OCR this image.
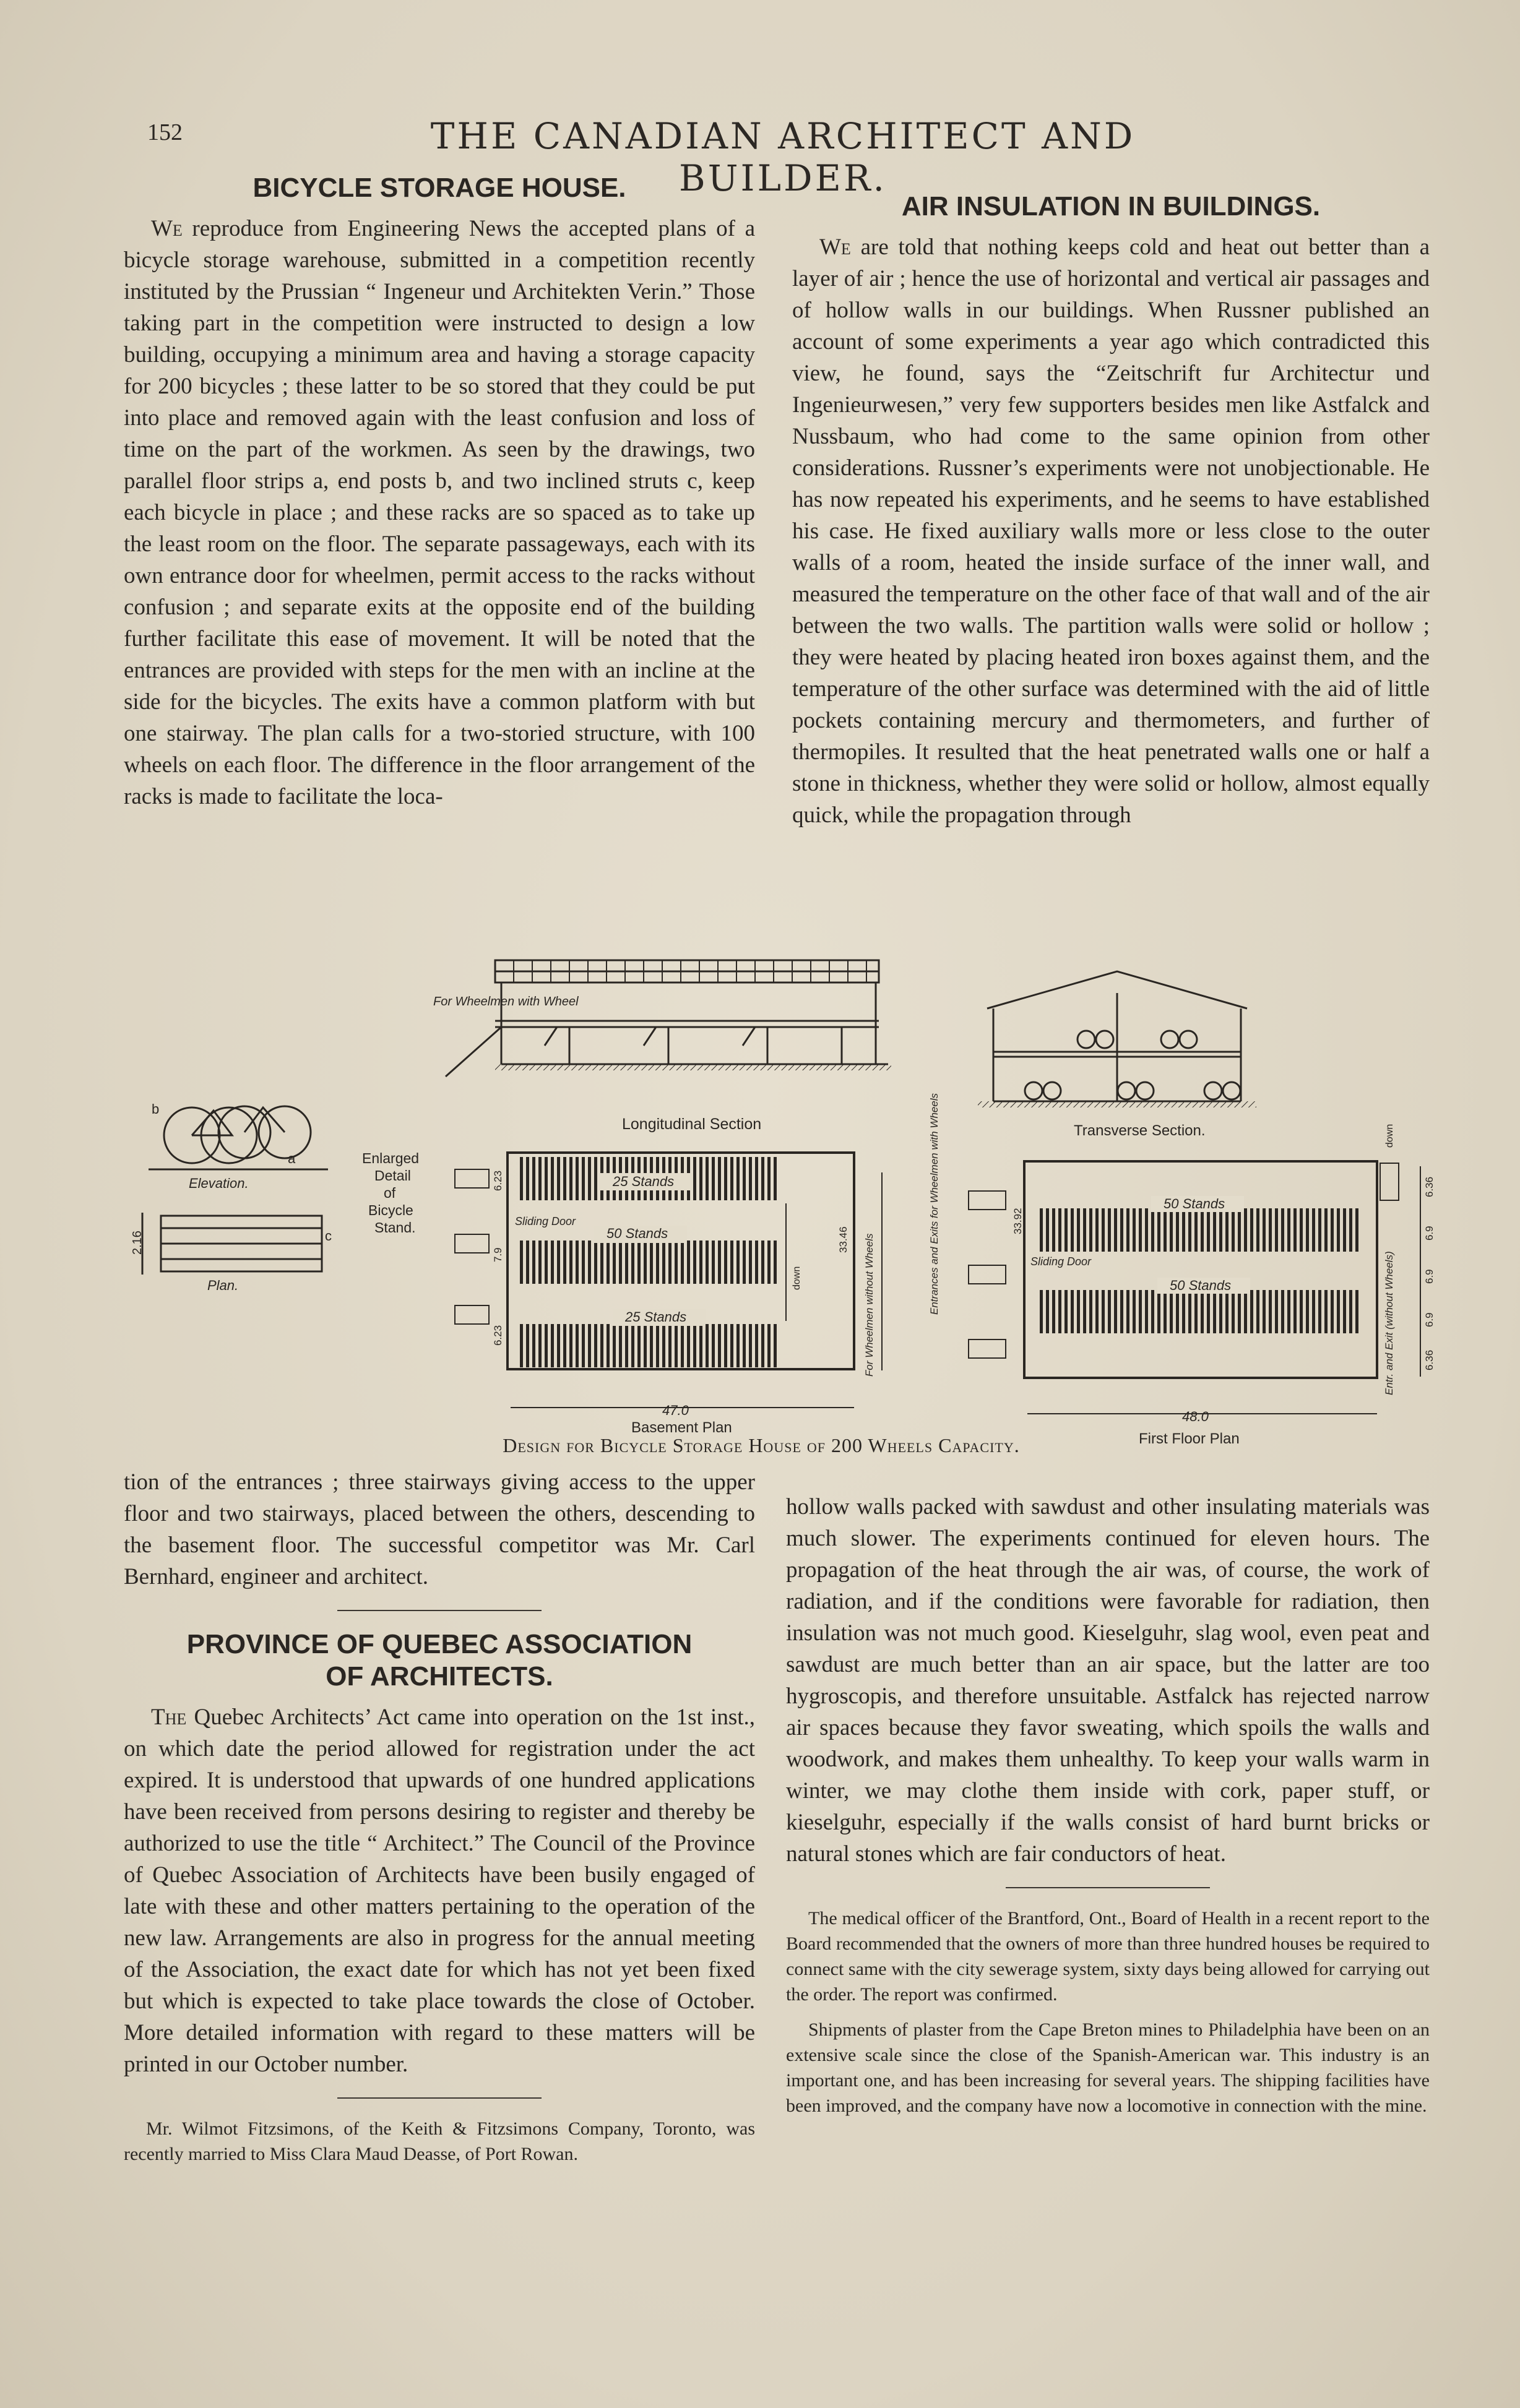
152	THE CANADIAN ARCHITECT AND BUILDER.
BICYCLE STORAGE HOUSE.

We reproduce from Engineering News the accepted plans of a bicycle storage warehouse, submitted in a competition recently instituted by the Prussian “ Ingeneur und Architekten Verin.” Those taking part in the competition were instructed to design a low building, occupying a minimum area and having a storage capacity for 200 bicycles ; these latter to be so stored that they could be put into place and removed again with the least confusion and loss of time on the part of the workmen. As seen by the drawings, two parallel floor strips a, end posts b, and two inclined struts c, keep each bicycle in place ; and these racks are so spaced as to take up the least room on the floor. The separate passageways, each with its own entrance door for wheelmen, permit access to the racks without confusion ; and separate exits at the opposite end of the building further facilitate this ease of movement. It will be noted that the entrances are provided with steps for the men with an incline at the side for the bicycles. The exits have a common platform with but one stairway. The plan calls for a two-storied structure, with 100 wheels on each floor. The difference in the floor arrangement of the racks is made to facilitate the loca-

AIR INSULATION IN BUILDINGS.

We are told that nothing keeps cold and heat out better than a layer of air ; hence the use of horizontal and vertical air passages and of hollow walls in our buildings. When Russner published an account of some experiments a year ago which contradicted this view, he found, says the “Zeitschrift fur Architectur und Ingenieurwesen,” very few supporters besides men like Astfalck and Nussbaum, who had come to the same opinion from other considerations. Russner’s experiments were not unobjectionable. He has now repeated his experiments, and he seems to have established his case. He fixed auxiliary walls more or less close to the outer walls of a room, heated the inside surface of the inner wall, and measured the temperature on the other face of that wall and of the air between the two walls. The partition walls were solid or hollow ; they were heated by placing heated iron boxes against them, and the temperature of the other surface was determined with the aid of little pockets containing mercury and thermometers, and further of thermopiles. It resulted that the heat penetrated walls one or half a stone in thickness, whether they were solid or hollow, almost equally quick, while the propagation through

For Wheelmen with Wheel
Longitudinal Section	Transverse Section.
Elevation.
Plan.
b
a
c
2.16
Enlarged
Detail
of
Bicycle
Stand.
25 Stands
50 Stands
25 Stands
Sliding Door
For Wheelmen without Wheels
33.46
down
6.23
7.9
6.23
47.0
Basement Plan
Entrances and Exits for Wheelmen with Wheels	50 Stands
50 Stands
Sliding Door
33.92
Entr. and Exit (without Wheels)
down
6.36
6.9
6.9
6.9
6.36
48.0
First Floor Plan
Design for Bicycle Storage House of 200 Wheels Capacity.

tion of the entrances ; three stairways giving access to the upper floor and two stairways, placed between the others, descending to the basement floor. The successful competitor was Mr. Carl Bernhard, engineer and architect.

PROVINCE OF QUEBEC ASSOCIATION
OF ARCHITECTS.

The Quebec Architects’ Act came into operation on the 1st inst., on which date the period allowed for registration under the act expired. It is understood that upwards of one hundred applications have been received from persons desiring to register and thereby be authorized to use the title “ Architect.” The Council of the Province of Quebec Association of Architects have been busily engaged of late with these and other matters pertaining to the operation of the new law. Arrangements are also in progress for the annual meeting of the Association, the exact date for which has not yet been fixed but which is expected to take place towards the close of October. More detailed information with regard to these matters will be printed in our October number.

Mr. Wilmot Fitzsimons, of the Keith & Fitzsimons Company, Toronto, was recently married to Miss Clara Maud Deasse, of Port Rowan.

hollow walls packed with sawdust and other insulating materials was much slower. The experiments continued for eleven hours. The propagation of the heat through the air was, of course, the work of radiation, and if the conditions were favorable for radiation, then insulation was not much good. Kieselguhr, slag wool, even peat and sawdust are much better than an air space, but the latter are too hygroscopis, and therefore unsuitable. Astfalck has rejected narrow air spaces because they favor sweating, which spoils the walls and woodwork, and makes them unhealthy. To keep your walls warm in winter, we may clothe them inside with cork, paper stuff, or kieselguhr, especially if the walls consist of hard burnt bricks or natural stones which are fair conductors of heat.

The medical officer of the Brantford, Ont., Board of Health in a recent report to the Board recommended that the owners of more than three hundred houses be required to connect same with the city sewerage system, sixty days being allowed for carrying out the order. The report was confirmed.

Shipments of plaster from the Cape Breton mines to Philadelphia have been on an extensive scale since the close of the Spanish-American war. This industry is an important one, and has been increasing for several years. The shipping facilities have been improved, and the company have now a locomotive in connection with the mine.
